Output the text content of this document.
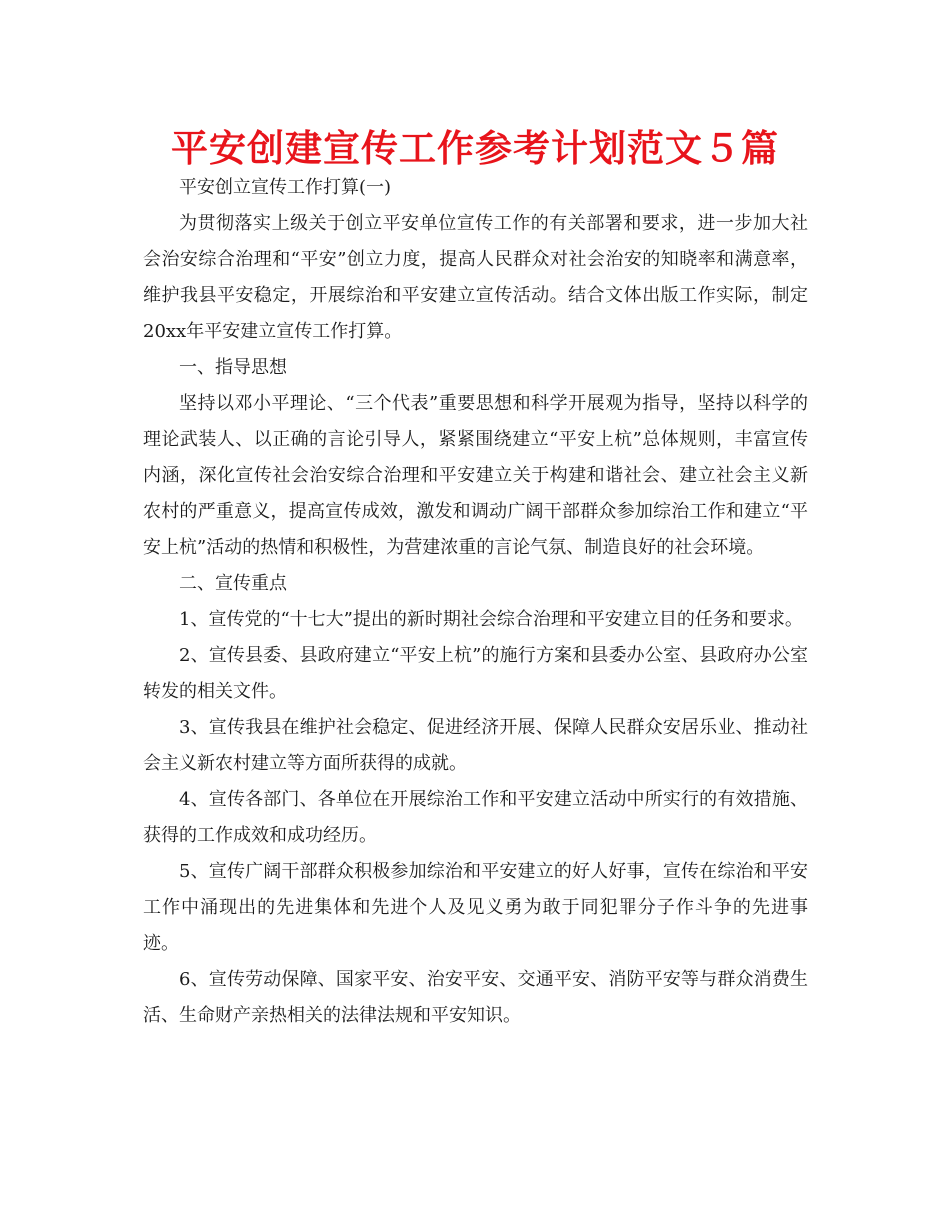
平安创建宣传工作参考计划范文５篇

平安创立宣传工作打算(一)

为贯彻落实上级关于创立平安单位宣传工作的有关部署和要求，进一步加大社会治安综合治理和“平安”创立力度，提高人民群众对社会治安的知晓率和满意率，维护我县平安稳定，开展综治和平安建立宣传活动。结合文体出版工作实际，制定20xx年平安建立宣传工作打算。

一、指导思想

坚持以邓小平理论、“三个代表”重要思想和科学开展观为指导，坚持以科学的理论武装人、以正确的言论引导人，紧紧围绕建立“平安上杭”总体规则，丰富宣传内涵，深化宣传社会治安综合治理和平安建立关于构建和谐社会、建立社会主义新农村的严重意义，提高宣传成效，激发和调动广阔干部群众参加综治工作和建立“平安上杭”活动的热情和积极性，为营建浓重的言论气氛、制造良好的社会环境。

二、宣传重点

1、宣传党的“十七大”提出的新时期社会综合治理和平安建立目的任务和要求。

2、宣传县委、县政府建立“平安上杭”的施行方案和县委办公室、县政府办公室转发的相关文件。

3、宣传我县在维护社会稳定、促进经济开展、保障人民群众安居乐业、推动社会主义新农村建立等方面所获得的成就。

4、宣传各部门、各单位在开展综治工作和平安建立活动中所实行的有效措施、获得的工作成效和成功经历。

5、宣传广阔干部群众积极参加综治和平安建立的好人好事，宣传在综治和平安工作中涌现出的先进集体和先进个人及见义勇为敢于同犯罪分子作斗争的先进事迹。

6、宣传劳动保障、国家平安、治安平安、交通平安、消防平安等与群众消费生活、生命财产亲热相关的法律法规和平安知识。
